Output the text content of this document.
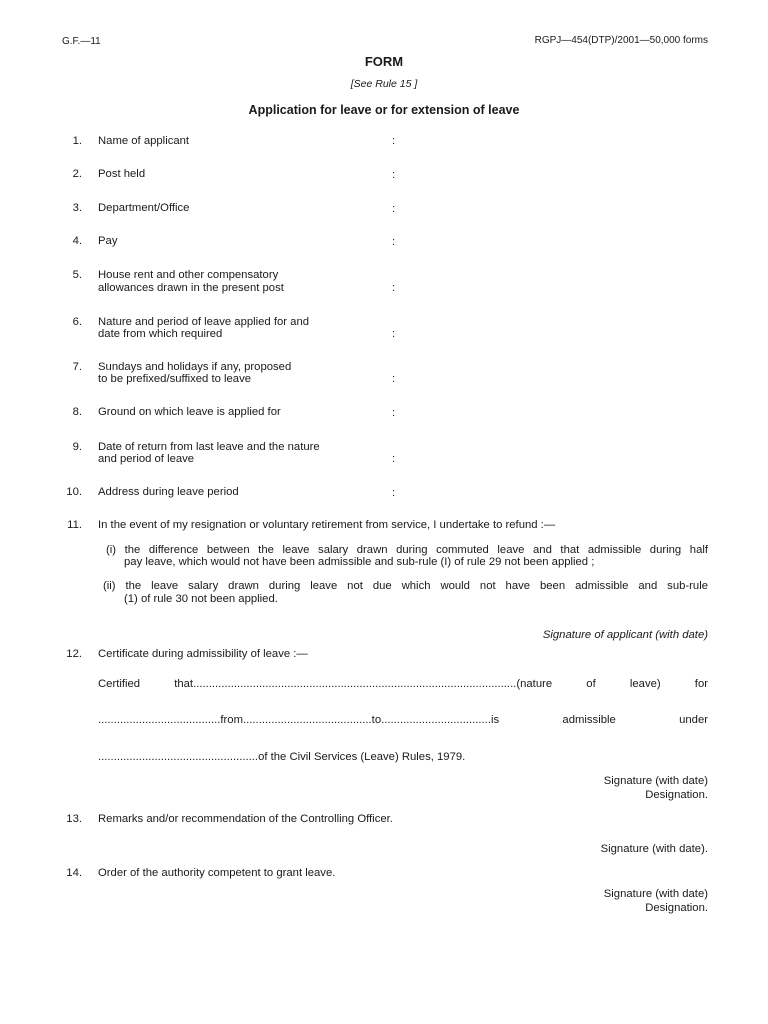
G.F.—11	RGPJ—454(DTP)/2001—50,000 forms
FORM
[See Rule 15 ]
Application for leave or for extension of leave
1. Name of applicant	:
2. Post held	:
3. Department/Office	:
4. Pay	:
5. House rent and other compensatory
allowances drawn in the present post	:
6. Nature and period of leave applied for and
date from which required	:
7. Sundays and holidays if any, proposed
to be prefixed/suffixed to leave	:
8. Ground on which leave is applied for	:
9. Date of return from last leave and the nature
and period of leave	:
10. Address during leave period	:
11. In the event of my resignation or voluntary retirement from service, I undertake to refund :—
(i) the difference between the leave salary drawn during commuted leave and that admissible during half
pay leave, which would not have been admissible and sub-rule (I) of rule 29 not been applied ;
(ii) the leave salary drawn during leave not due which would not have been admissible and sub-rule
(1) of rule 30 not been applied.
Signature of applicant (with date)
12. Certificate during admissibility of leave :—
Certified that.......................................................................................................(nature of leave) for
.......................................from.........................................to...................................is admissible under
...................................................of the Civil Services (Leave) Rules, 1979.
Signature (with date)
Designation.
13. Remarks and/or recommendation of the Controlling Officer.
Signature (with date).
14. Order of the authority competent to grant leave.
Signature (with date)
Designation.
